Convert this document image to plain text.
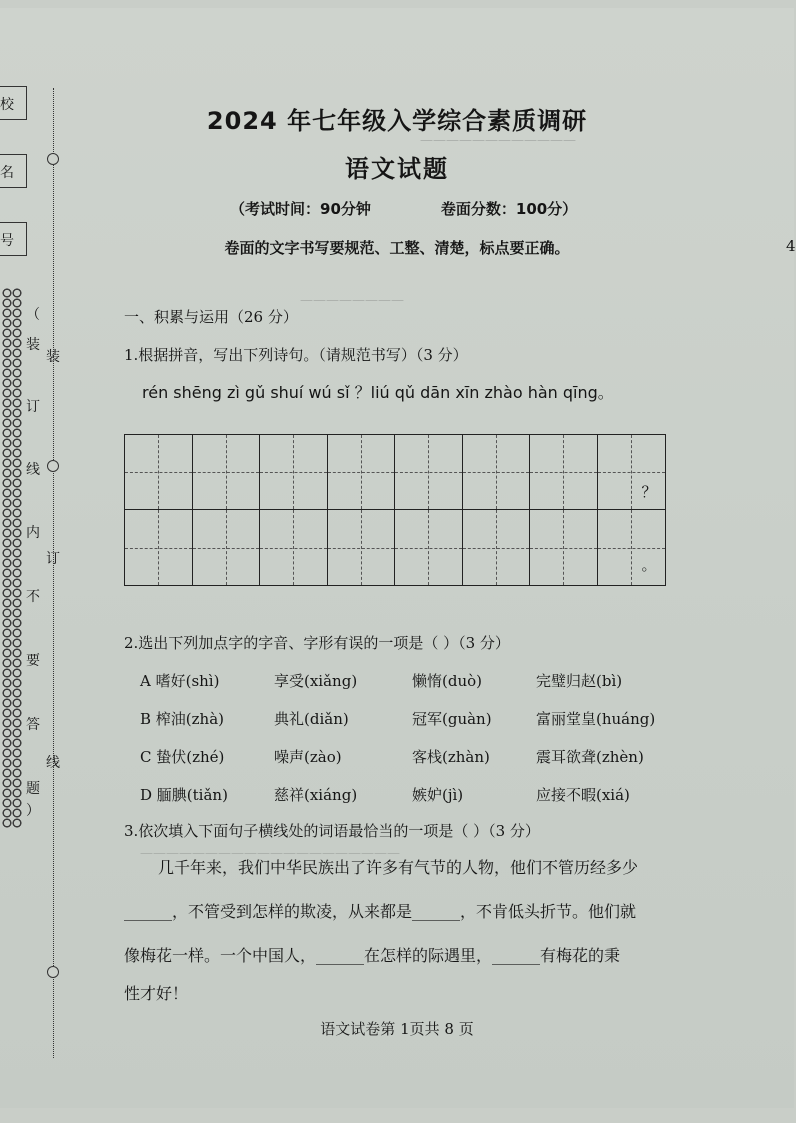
校
名
号
（
装
订
线
内
不
要
答
题
）
装
订
线
————————————
————————
————————————————————
2024 年七年级入学综合素质调研
语文试题
（考试时间：90分钟	卷面分数：100分）
卷面的文字书写要规范、工整、清楚，标点要正确。	4
一、积累与运用（26 分）
1.根据拼音，写出下列诗句。（请规范书写）（3 分）
rén shēng zì gǔ shuí wú sǐ ？liú qǔ dān xīn zhào hàn qīng。
？
。
2.选出下列加点字的字音、字形有误的一项是（ ）（3 分）
A 嗜好(shì)	享受(xiǎng)	懒惰(duò)	完璧归赵(bì)
B 榨油(zhà)	典礼(diǎn)	冠军(guàn)	富丽堂皇(huáng)
C 蛰伏(zhé)	噪声(zào)	客栈(zhàn)	震耳欲聋(zhèn)
D 腼腆(tiǎn)	慈祥(xiáng)	嫉妒(jì)	应接不暇(xiá)
3.依次填入下面句子横线处的词语最恰当的一项是（ ）（3 分）
几千年来，我们中华民族出了许多有气节的人物，他们不管历经多少
______，不管受到怎样的欺凌，从来都是______，不肯低头折节。他们就
像梅花一样。一个中国人，______在怎样的际遇里，______有梅花的秉
性才好！
语文试卷第 1页共 8 页
